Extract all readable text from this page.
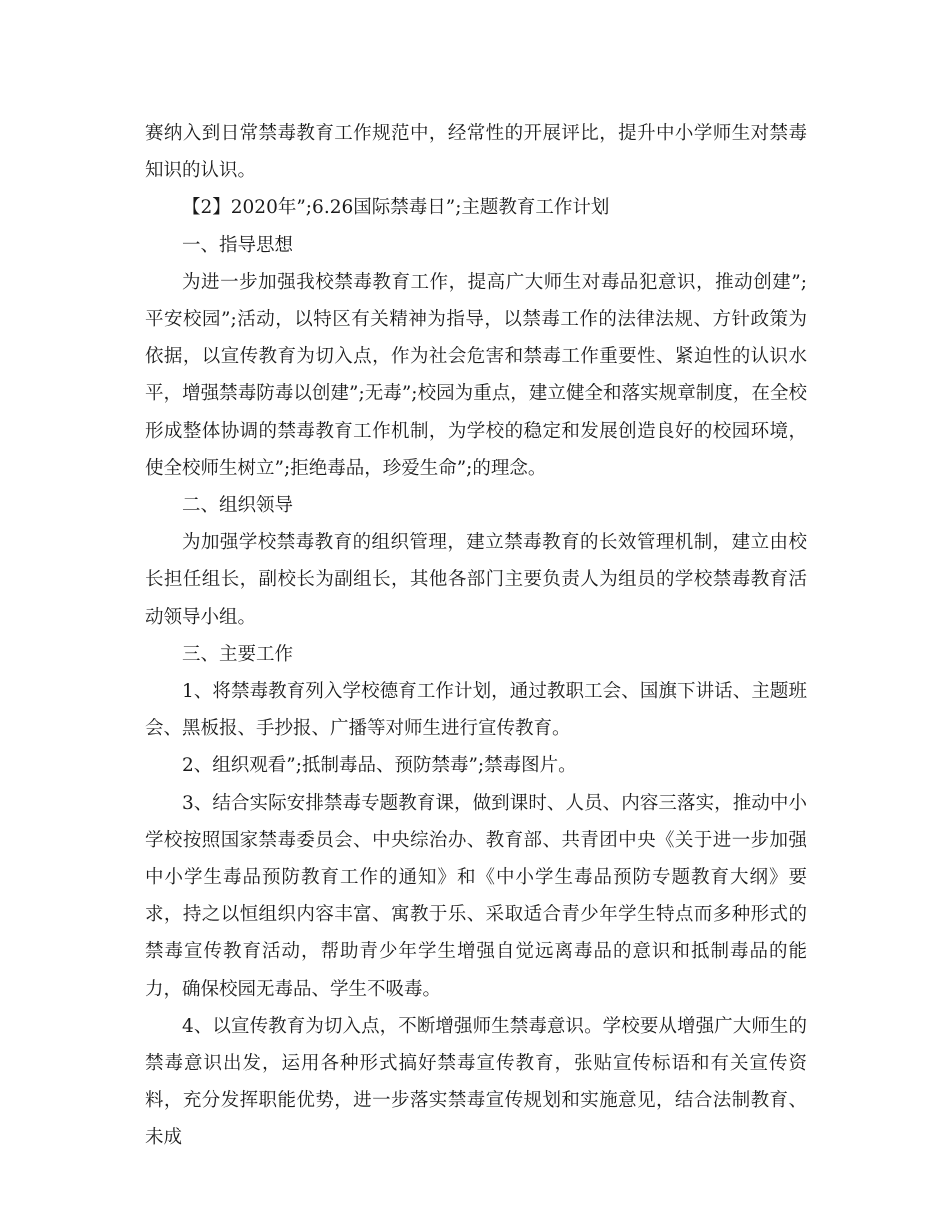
赛纳入到日常禁毒教育工作规范中，经常性的开展评比，提升中小学师生对禁毒知识的认识。

【2】2020年”;6.26国际禁毒日”;主题教育工作计划

一、指导思想

为进一步加强我校禁毒教育工作，提高广大师生对毒品犯意识，推动创建”;平安校园”;活动，以特区有关精神为指导，以禁毒工作的法律法规、方针政策为依据，以宣传教育为切入点，作为社会危害和禁毒工作重要性、紧迫性的认识水平，增强禁毒防毒以创建”;无毒”;校园为重点，建立健全和落实规章制度，在全校形成整体协调的禁毒教育工作机制，为学校的稳定和发展创造良好的校园环境，使全校师生树立”;拒绝毒品，珍爱生命”;的理念。

二、组织领导

为加强学校禁毒教育的组织管理，建立禁毒教育的长效管理机制，建立由校长担任组长，副校长为副组长，其他各部门主要负责人为组员的学校禁毒教育活动领导小组。

三、主要工作

1、将禁毒教育列入学校德育工作计划，通过教职工会、国旗下讲话、主题班会、黑板报、手抄报、广播等对师生进行宣传教育。

2、组织观看”;抵制毒品、预防禁毒”;禁毒图片。

3、结合实际安排禁毒专题教育课，做到课时、人员、内容三落实，推动中小学校按照国家禁毒委员会、中央综治办、教育部、共青团中央《关于进一步加强中小学生毒品预防教育工作的通知》和《中小学生毒品预防专题教育大纲》要求，持之以恒组织内容丰富、寓教于乐、采取适合青少年学生特点而多种形式的禁毒宣传教育活动，帮助青少年学生增强自觉远离毒品的意识和抵制毒品的能力，确保校园无毒品、学生不吸毒。

4、以宣传教育为切入点，不断增强师生禁毒意识。学校要从增强广大师生的禁毒意识出发，运用各种形式搞好禁毒宣传教育，张贴宣传标语和有关宣传资料，充分发挥职能优势，进一步落实禁毒宣传规划和实施意见，结合法制教育、未成
